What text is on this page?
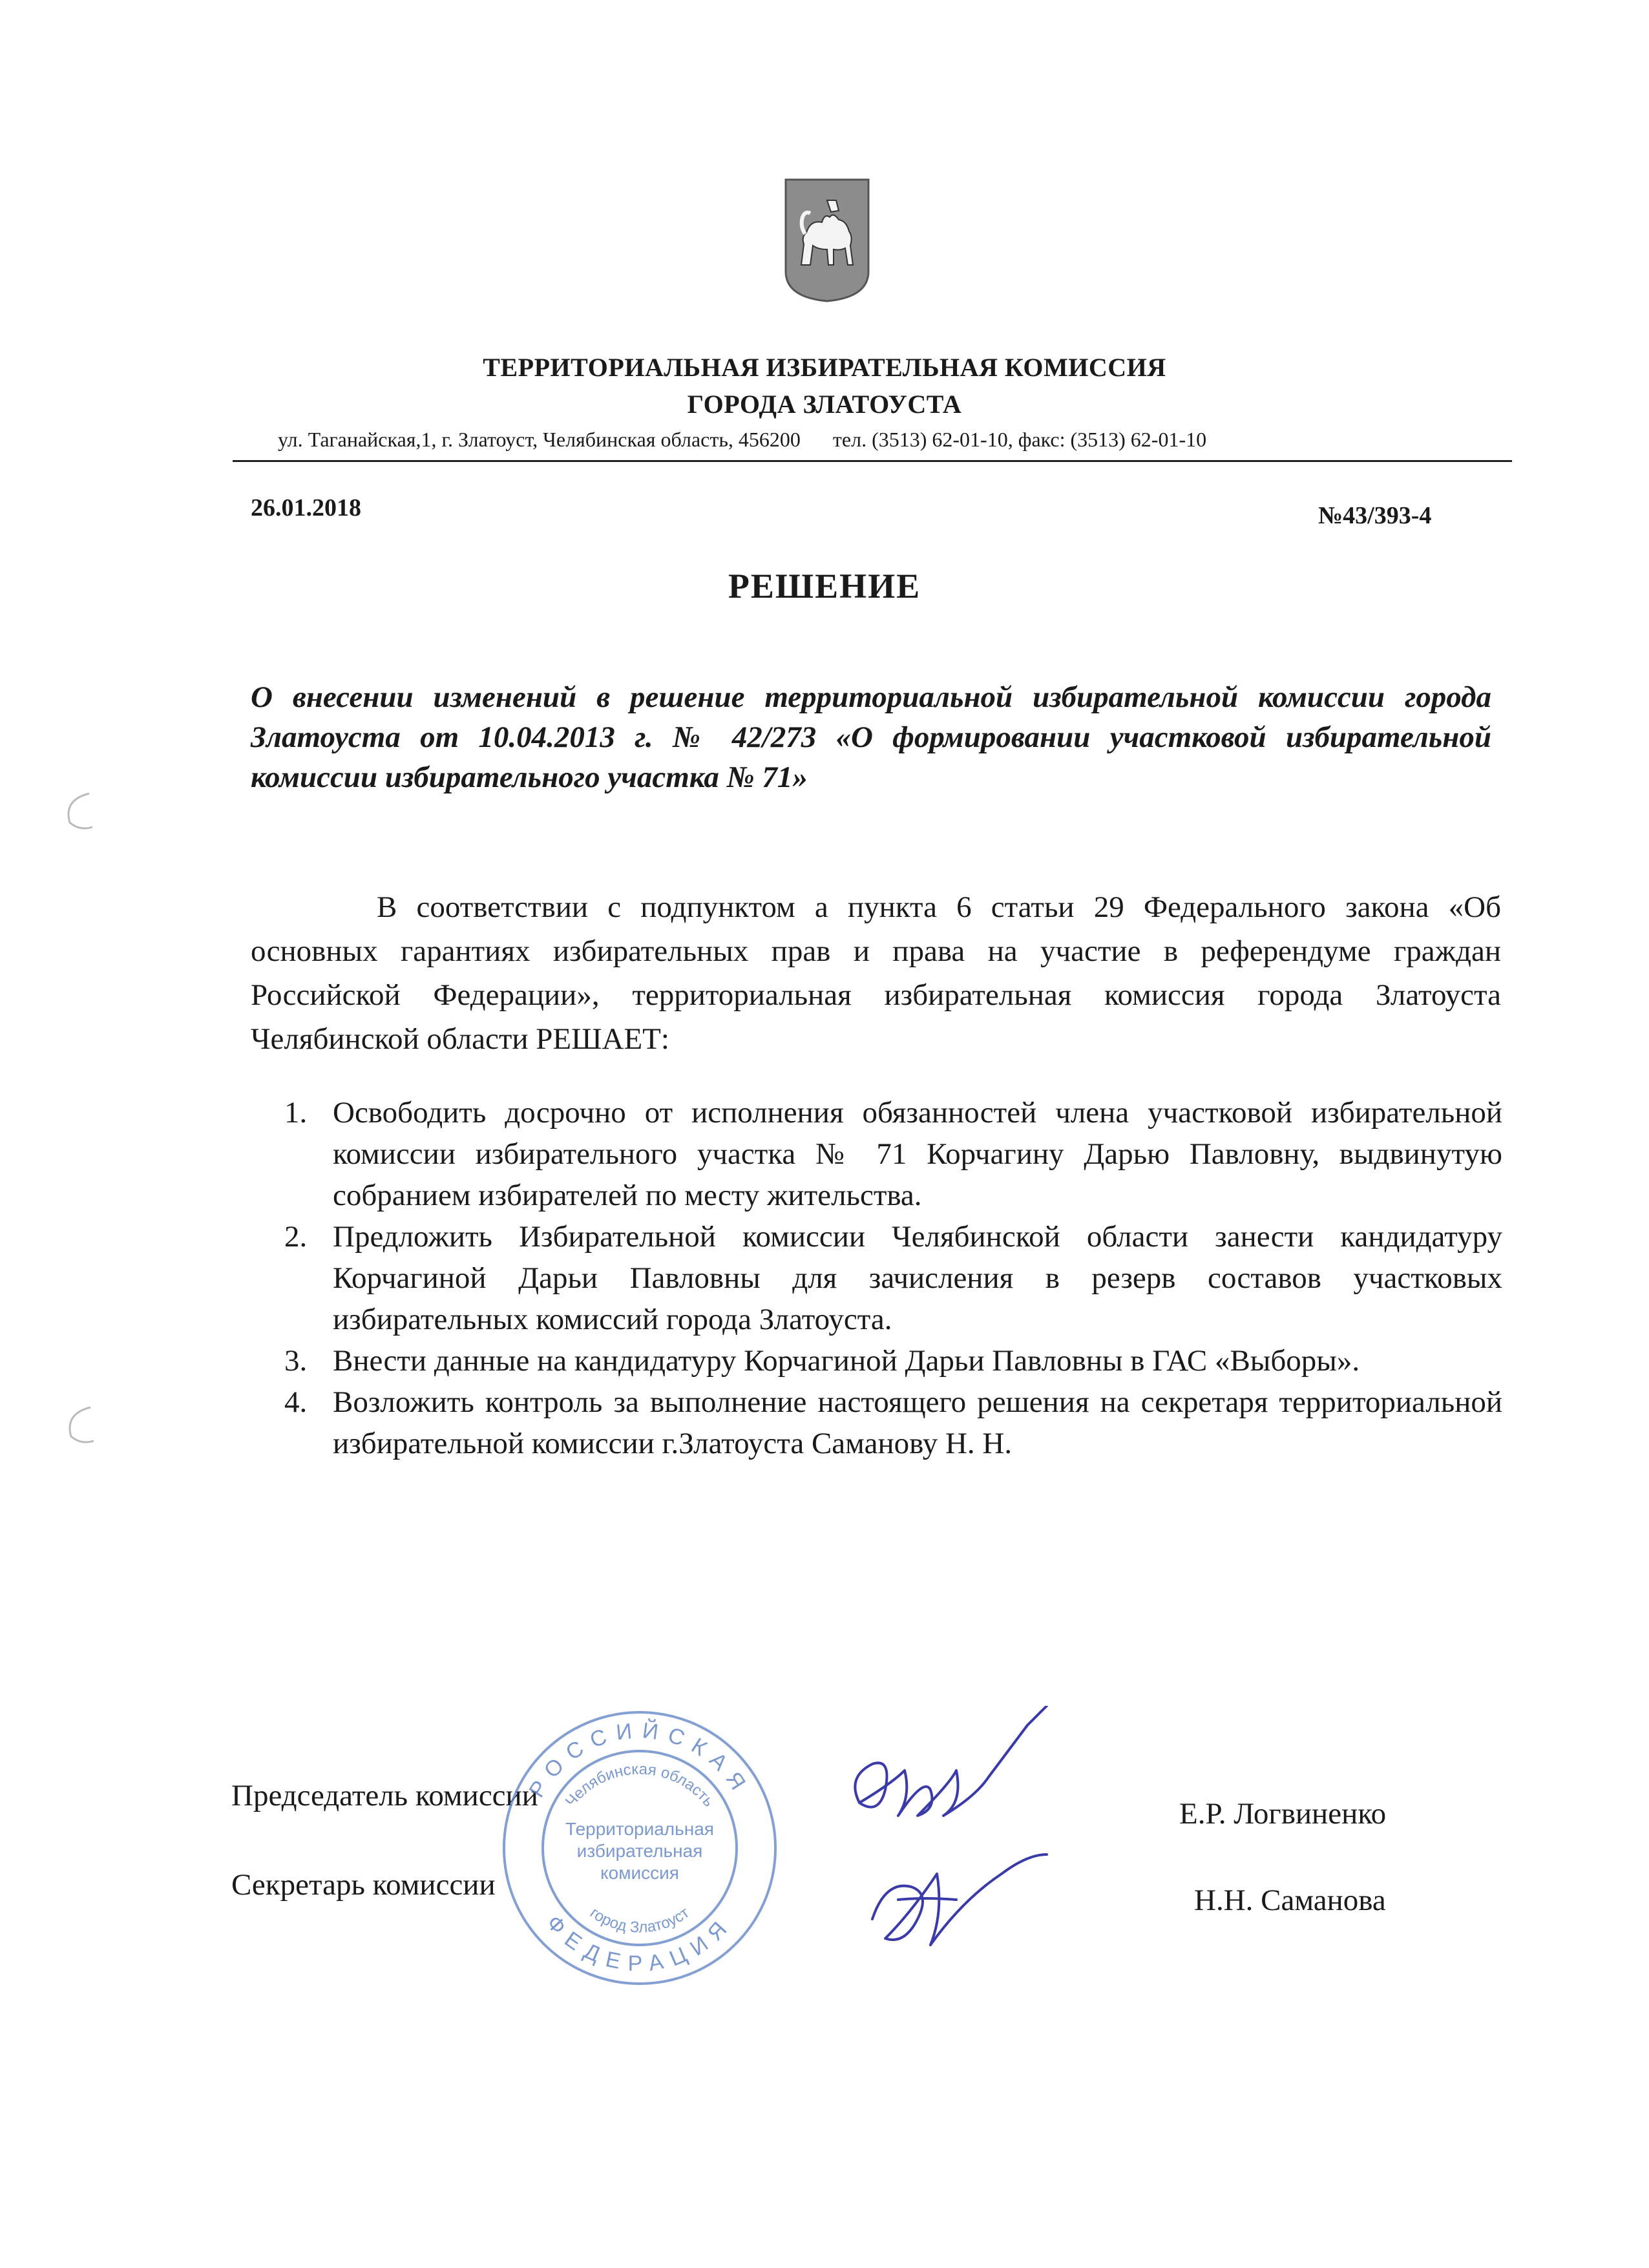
ТЕРРИТОРИАЛЬНАЯ ИЗБИРАТЕЛЬНАЯ КОМИССИЯ
ГОРОДА ЗЛАТОУСТА
ул. Таганайская,1, г. Златоуст, Челябинская область, 456200 тел. (3513) 62-01-10, факс: (3513) 62-01-10
26.01.2018	№43/393-4
РЕШЕНИЕ
О внесении изменений в решение территориальной избирательной комиссии города Златоуста от 10.04.2013 г. № 42/273 «О формировании участковой избирательной комиссии избирательного участка № 71»
В соответствии с подпунктом а пункта 6 статьи 29 Федерального закона «Об основных гарантиях избирательных прав и права на участие в референдуме граждан Российской Федерации», территориальная избирательная комиссия города Златоуста Челябинской области РЕШАЕТ:
1. Освободить досрочно от исполнения обязанностей члена участковой избирательной комиссии избирательного участка № 71 Корчагину Дарью Павловну, выдвинутую собранием избирателей по месту жительства.
2. Предложить Избирательной комиссии Челябинской области занести кандидатуру Корчагиной Дарьи Павловны для зачисления в резерв составов участковых избирательных комиссий города Златоуста.
3. Внести данные на кандидатуру Корчагиной Дарьи Павловны в ГАС «Выборы».
4. Возложить контроль за выполнение настоящего решения на секретаря территориальной избирательной комиссии г.Златоуста Саманову Н. Н.
Председатель комиссии
Секретарь комиссии
Е.Р. Логвиненко
Н.Н. Саманова
РОССИЙСКАЯ
ФЕДЕРАЦИЯ
Челябинская область
город Златоуст
Территориальная
избирательная
комиссия
